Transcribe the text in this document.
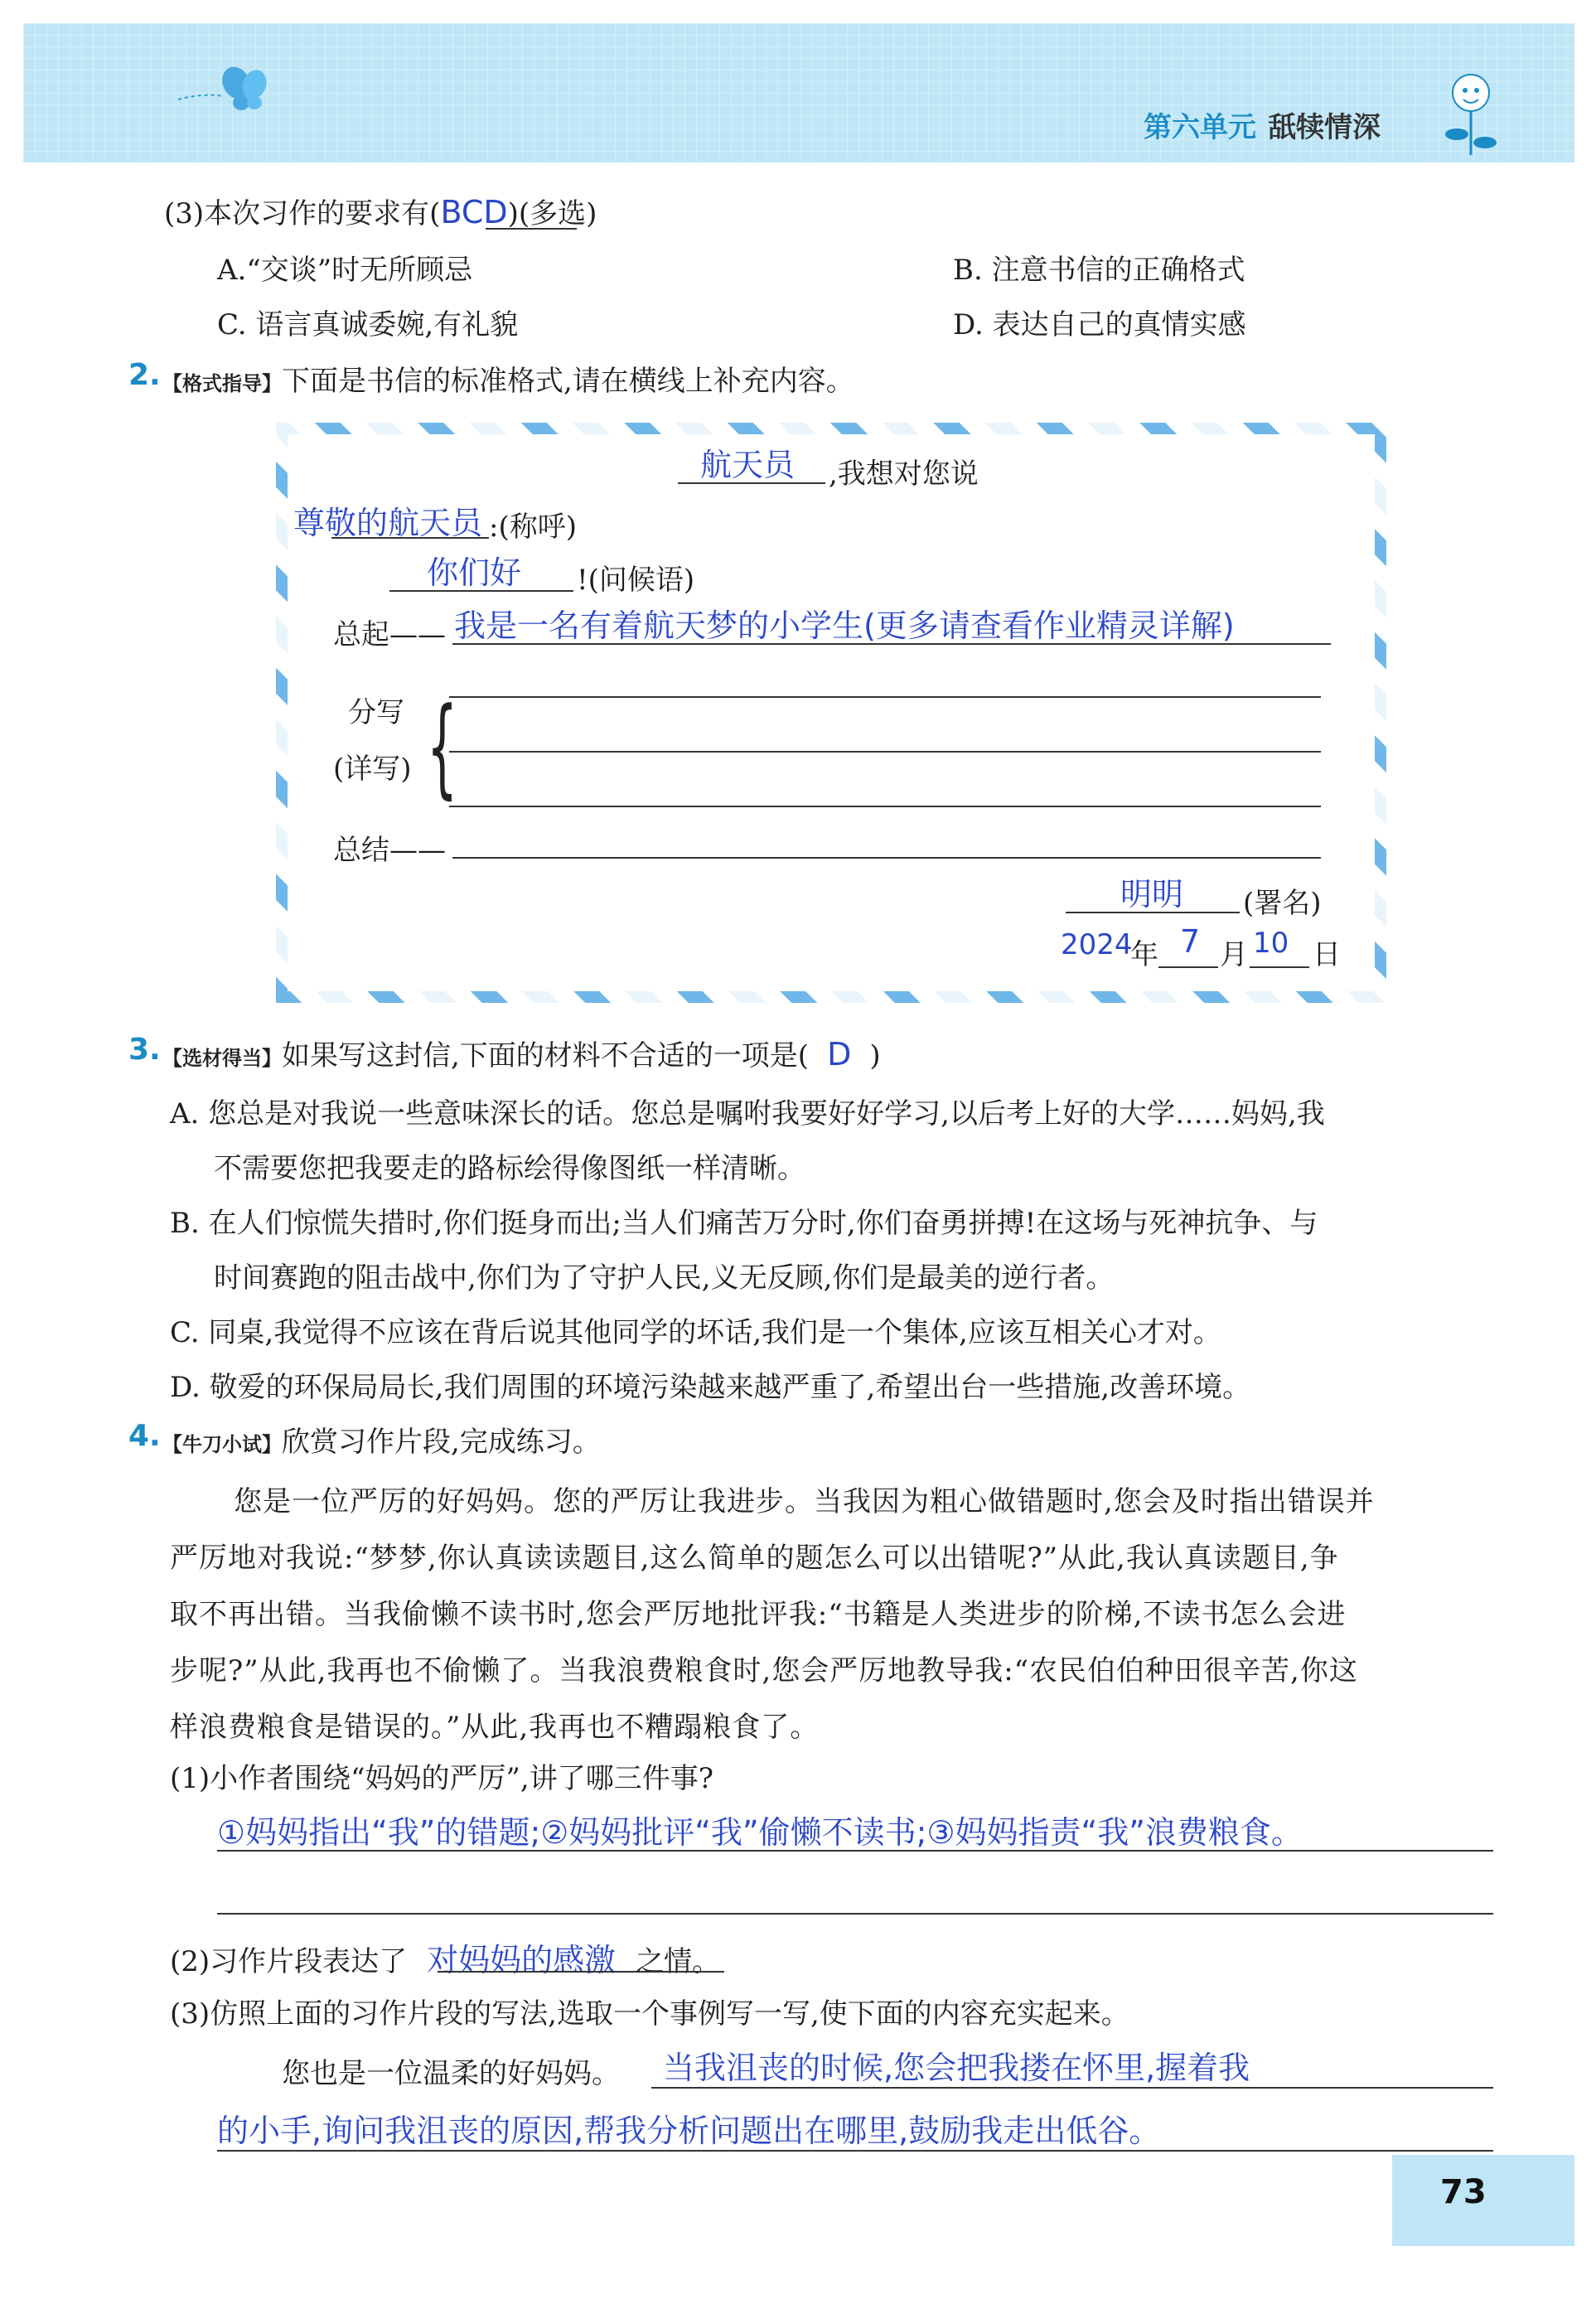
第六单元 舐犊情深
(3)本次习作的要求有(BCD)(多选)
A.“交谈”时无所顾忌	B. 注意书信的正确格式
C. 语言真诚委婉,有礼貌	D. 表达自己的真情实感
2. 【格式指导】下面是书信的标准格式,请在横线上补充内容。
航天员 ,我想对您说
尊敬的航天员 :(称呼)
你们好 !(问候语)
总起—— 我是一名有着航天梦的小学生(更多请查看作业精灵详解)
分写
(详写) {
总结——
明明 (署名)
2024
年 7 月 10 日
3. 【选材得当】如果写这封信,下面的材料不合适的一项是( D )
A. 您总是对我说一些意味深长的话。您总是嘱咐我要好好学习,以后考上好的大学……妈妈,我
不需要您把我要走的路标绘得像图纸一样清晰。
B. 在人们惊慌失措时,你们挺身而出;当人们痛苦万分时,你们奋勇拼搏!在这场与死神抗争、与
时间赛跑的阻击战中,你们为了守护人民,义无反顾,你们是最美的逆行者。
C. 同桌,我觉得不应该在背后说其他同学的坏话,我们是一个集体,应该互相关心才对。
D. 敬爱的环保局局长,我们周围的环境污染越来越严重了,希望出台一些措施,改善环境。
4. 【牛刀小试】欣赏习作片段,完成练习。
您是一位严厉的好妈妈。您的严厉让我进步。当我因为粗心做错题时,您会及时指出错误并
严厉地对我说:“梦梦,你认真读读题目,这么简单的题怎么可以出错呢?”从此,我认真读题目,争
取不再出错。当我偷懒不读书时,您会严厉地批评我:“书籍是人类进步的阶梯,不读书怎么会进
步呢?”从此,我再也不偷懒了。当我浪费粮食时,您会严厉地教导我:“农民伯伯种田很辛苦,你这
样浪费粮食是错误的。”从此,我再也不糟蹋粮食了。
(1)小作者围绕“妈妈的严厉”,讲了哪三件事?
①妈妈指出“我”的错题;②妈妈批评“我”偷懒不读书;③妈妈指责“我”浪费粮食。
(2)习作片段表达了 对妈妈的感激 之情。
(3)仿照上面的习作片段的写法,选取一个事例写一写,使下面的内容充实起来。
您也是一位温柔的好妈妈。 当我沮丧的时候,您会把我搂在怀里,握着我
的小手,询问我沮丧的原因,帮我分析问题出在哪里,鼓励我走出低谷。
73
